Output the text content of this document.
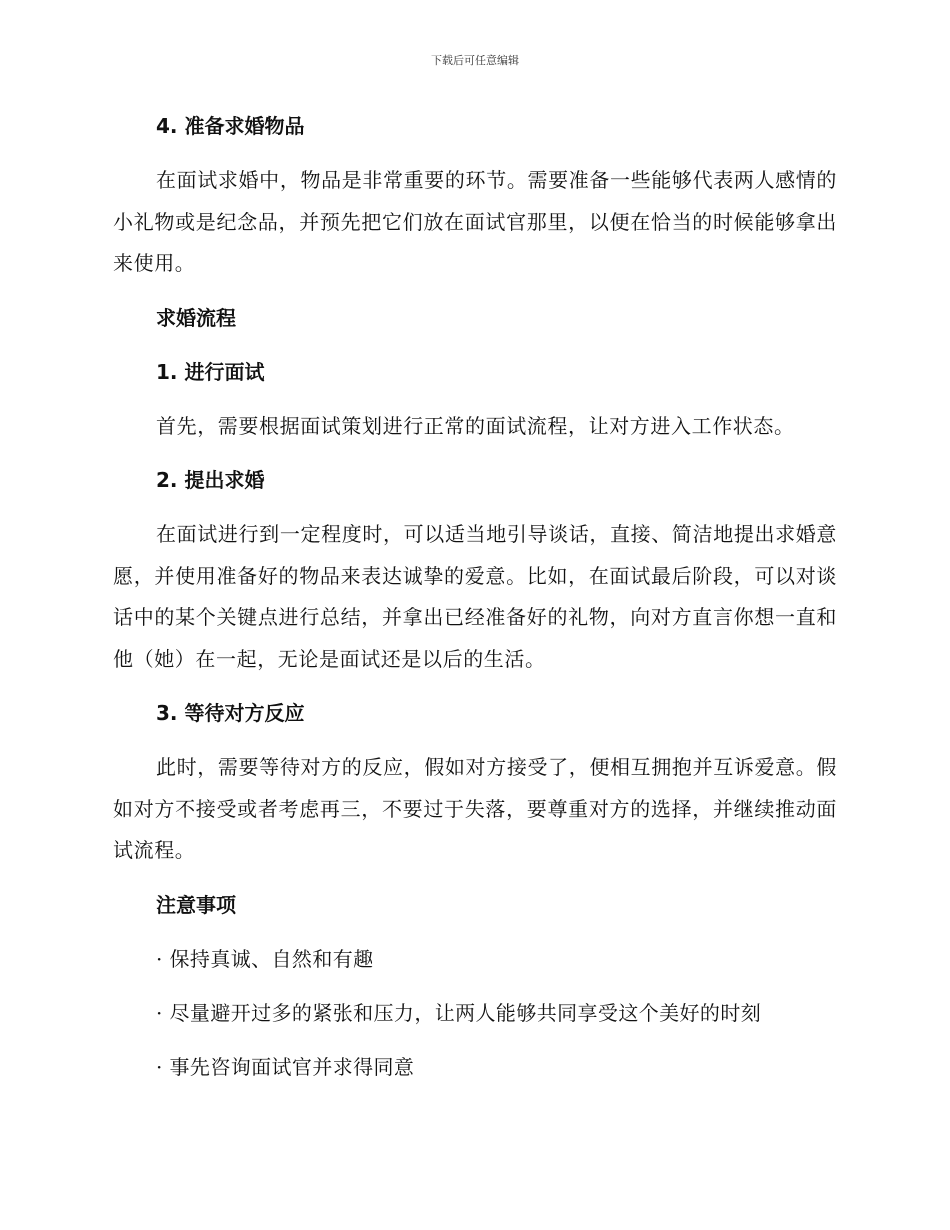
下载后可任意编辑

4. 准备求婚物品

在面试求婚中，物品是非常重要的环节。需要准备一些能够代表两人感情的小礼物或是纪念品，并预先把它们放在面试官那里，以便在恰当的时候能够拿出来使用。

求婚流程

1. 进行面试

首先，需要根据面试策划进行正常的面试流程，让对方进入工作状态。

2. 提出求婚

在面试进行到一定程度时，可以适当地引导谈话，直接、简洁地提出求婚意愿，并使用准备好的物品来表达诚挚的爱意。比如，在面试最后阶段，可以对谈话中的某个关键点进行总结，并拿出已经准备好的礼物，向对方直言你想一直和他（她）在一起，无论是面试还是以后的生活。

3. 等待对方反应

此时，需要等待对方的反应，假如对方接受了，便相互拥抱并互诉爱意。假如对方不接受或者考虑再三，不要过于失落，要尊重对方的选择，并继续推动面试流程。

注意事项

· 保持真诚、自然和有趣

· 尽量避开过多的紧张和压力，让两人能够共同享受这个美好的时刻

· 事先咨询面试官并求得同意
